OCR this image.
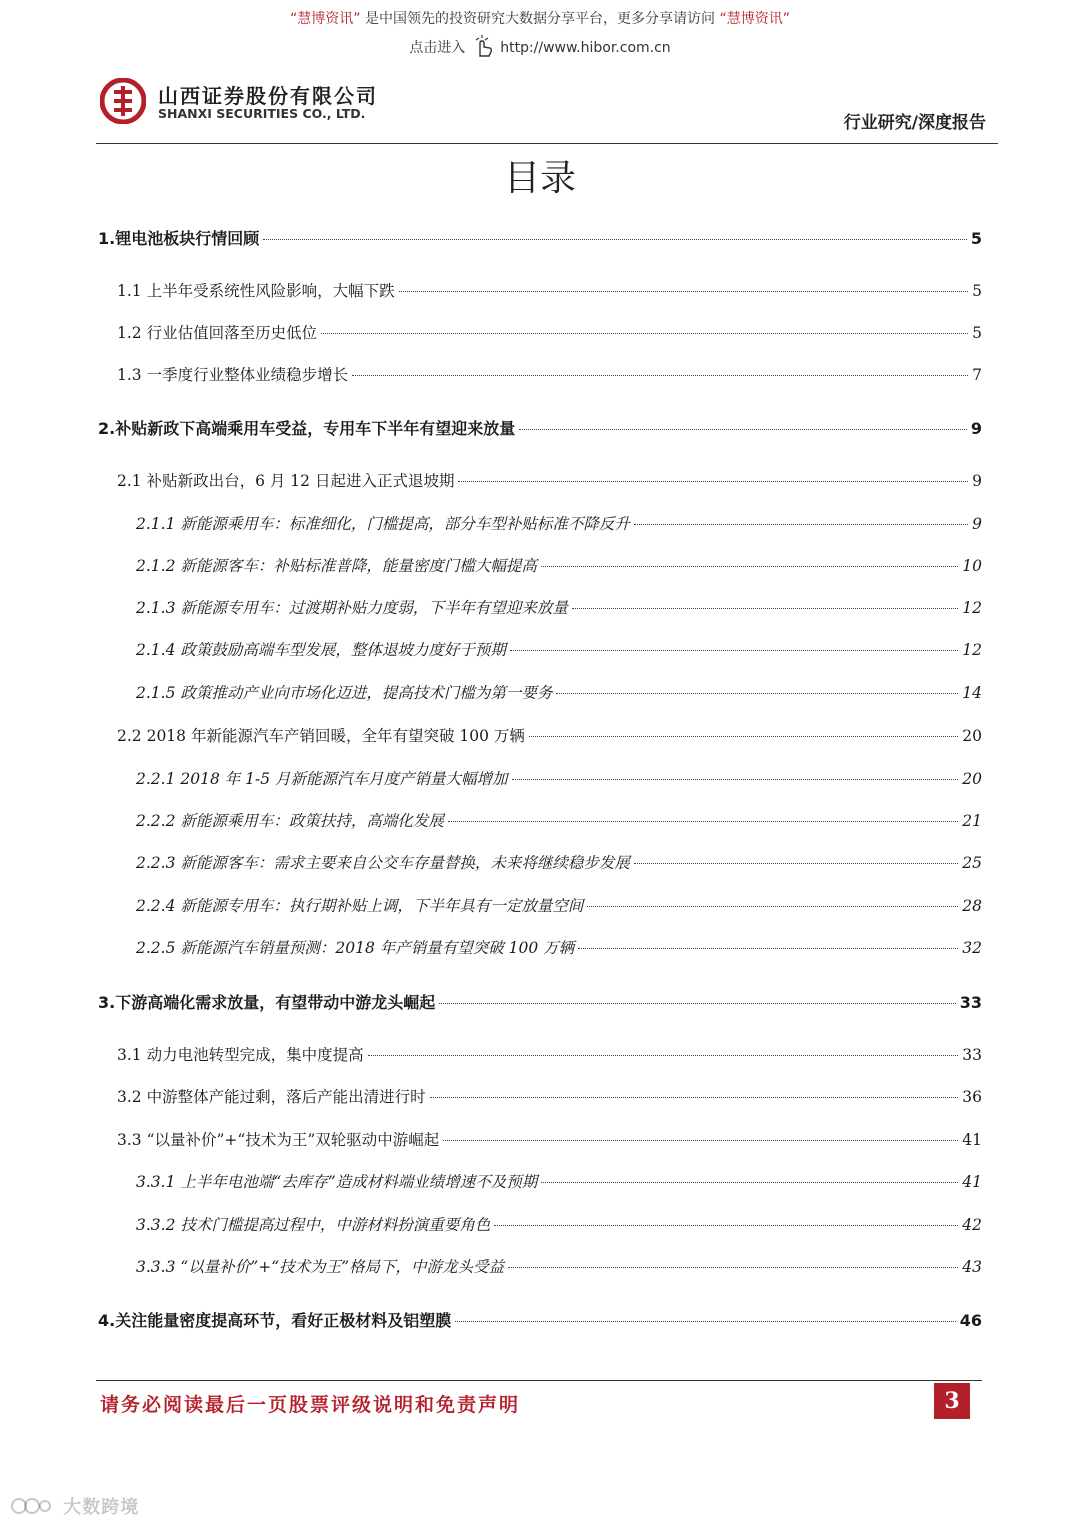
“慧博资讯” 是中国领先的投资研究大数据分享平台，更多分享请访问 “慧博资讯”
点击进入 http://www.hibor.com.cn
山西证券股份有限公司
SHANXI SECURITIES CO., LTD.	行业研究/深度报告
目录
1.锂电池板块行情回顾	5
1.1 上半年受系统性风险影响，大幅下跌	5
1.2 行业估值回落至历史低位	5
1.3 一季度行业整体业绩稳步增长	7
2.补贴新政下高端乘用车受益，专用车下半年有望迎来放量	9
2.1 补贴新政出台，6 月 12 日起进入正式退坡期	9
2.1.1 新能源乘用车：标准细化，门槛提高，部分车型补贴标准不降反升	9
2.1.2 新能源客车：补贴标准普降，能量密度门槛大幅提高	10
2.1.3 新能源专用车：过渡期补贴力度弱，下半年有望迎来放量	12
2.1.4 政策鼓励高端车型发展，整体退坡力度好于预期	12
2.1.5 政策推动产业向市场化迈进，提高技术门槛为第一要务	14
2.2 2018 年新能源汽车产销回暖，全年有望突破 100 万辆	20
2.2.1 2018 年 1-5 月新能源汽车月度产销量大幅增加	20
2.2.2 新能源乘用车：政策扶持，高端化发展	21
2.2.3 新能源客车：需求主要来自公交车存量替换，未来将继续稳步发展	25
2.2.4 新能源专用车：执行期补贴上调，下半年具有一定放量空间	28
2.2.5 新能源汽车销量预测：2018 年产销量有望突破 100 万辆	32
3.下游高端化需求放量，有望带动中游龙头崛起	33
3.1 动力电池转型完成，集中度提高	33
3.2 中游整体产能过剩，落后产能出清进行时	36
3.3 “以量补价”+“技术为王”双轮驱动中游崛起	41
3.3.1 上半年电池端“去库存”造成材料端业绩增速不及预期	41
3.3.2 技术门槛提高过程中，中游材料扮演重要角色	42
3.3.3 “以量补价”+“技术为王”格局下，中游龙头受益	43
4.关注能量密度提高环节，看好正极材料及铝塑膜	46
请务必阅读最后一页股票评级说明和免责声明	3
大数跨境
